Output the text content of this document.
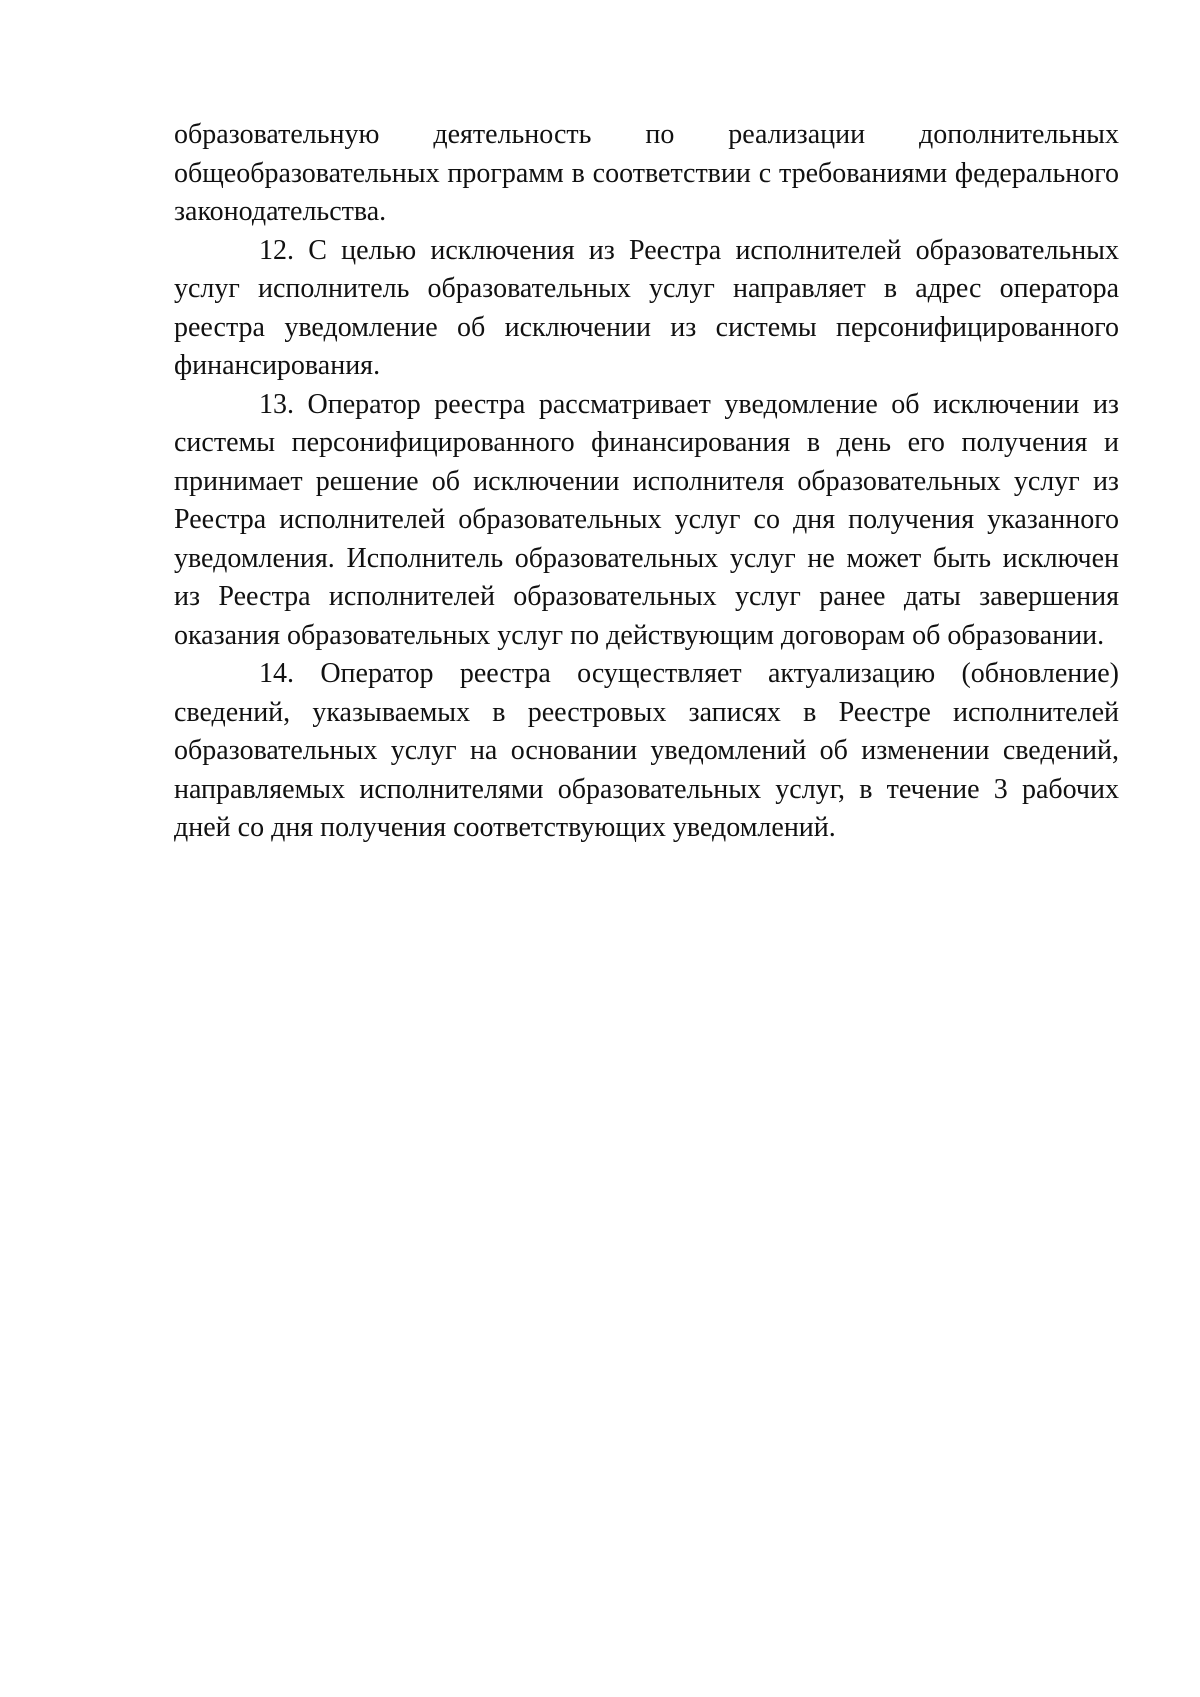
образовательную деятельность по реализации дополнительных общеобразовательных программ в соответствии с требованиями федерального законодательства.

12. С целью исключения из Реестра исполнителей образовательных услуг исполнитель образовательных услуг направляет в адрес оператора реестра уведомление об исключении из системы персонифицированного финансирования.

13. Оператор реестра рассматривает уведомление об исключении из системы персонифицированного финансирования в день его получения и принимает решение об исключении исполнителя образовательных услуг из Реестра исполнителей образовательных услуг со дня получения указанного уведомления. Исполнитель образовательных услуг не может быть исключен из Реестра исполнителей образовательных услуг ранее даты завершения оказания образовательных услуг по действующим договорам об образовании.

14. Оператор реестра осуществляет актуализацию (обновление) сведений, указываемых в реестровых записях в Реестре исполнителей образовательных услуг на основании уведомлений об изменении сведений, направляемых исполнителями образовательных услуг, в течение 3 рабочих дней со дня получения соответствующих уведомлений.
